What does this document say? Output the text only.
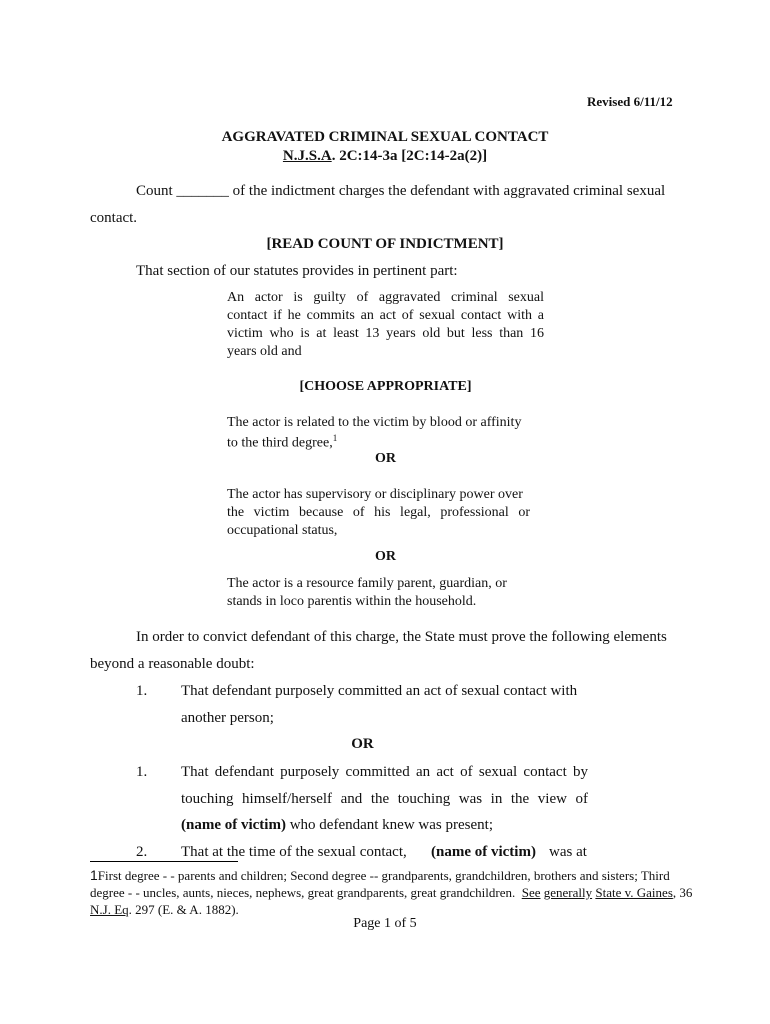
Revised 6/11/12
AGGRAVATED CRIMINAL SEXUAL CONTACT
N.J.S.A. 2C:14-3a [2C:14-2a(2)]
Count _______ of the indictment charges the defendant with aggravated criminal sexual
contact.
[READ COUNT OF INDICTMENT]
That section of our statutes provides in pertinent part:
An actor is guilty of aggravated criminal sexual
contact if he commits an act of sexual contact with a
victim who is at least 13 years old but less than 16
years old and
[CHOOSE APPROPRIATE]
The actor is related to the victim by blood or affinity
to the third degree,$^1$
OR
The actor has supervisory or disciplinary power over
the victim because of his legal, professional or
occupational status,
OR
The actor is a resource family parent, guardian, or
stands in loco parentis within the household.
In order to convict defendant of this charge, the State must prove the following elements
beyond a reasonable doubt:
1. That defendant purposely committed an act of sexual contact with
another person;
OR
1. That defendant purposely committed an act of sexual contact by
touching himself/herself and the touching was in the view of
(name of victim) who defendant knew was present;
2. That at the time of the sexual contact, (name of victim) was at
1First degree - - parents and children; Second degree -- grandparents, grandchildren, brothers and sisters; Third
degree - - uncles, aunts, nieces, nephews, great grandparents, great grandchildren.  See generally State v. Gaines, 36
N.J. Eq. 297 (E. & A. 1882).
Page 1 of 5
